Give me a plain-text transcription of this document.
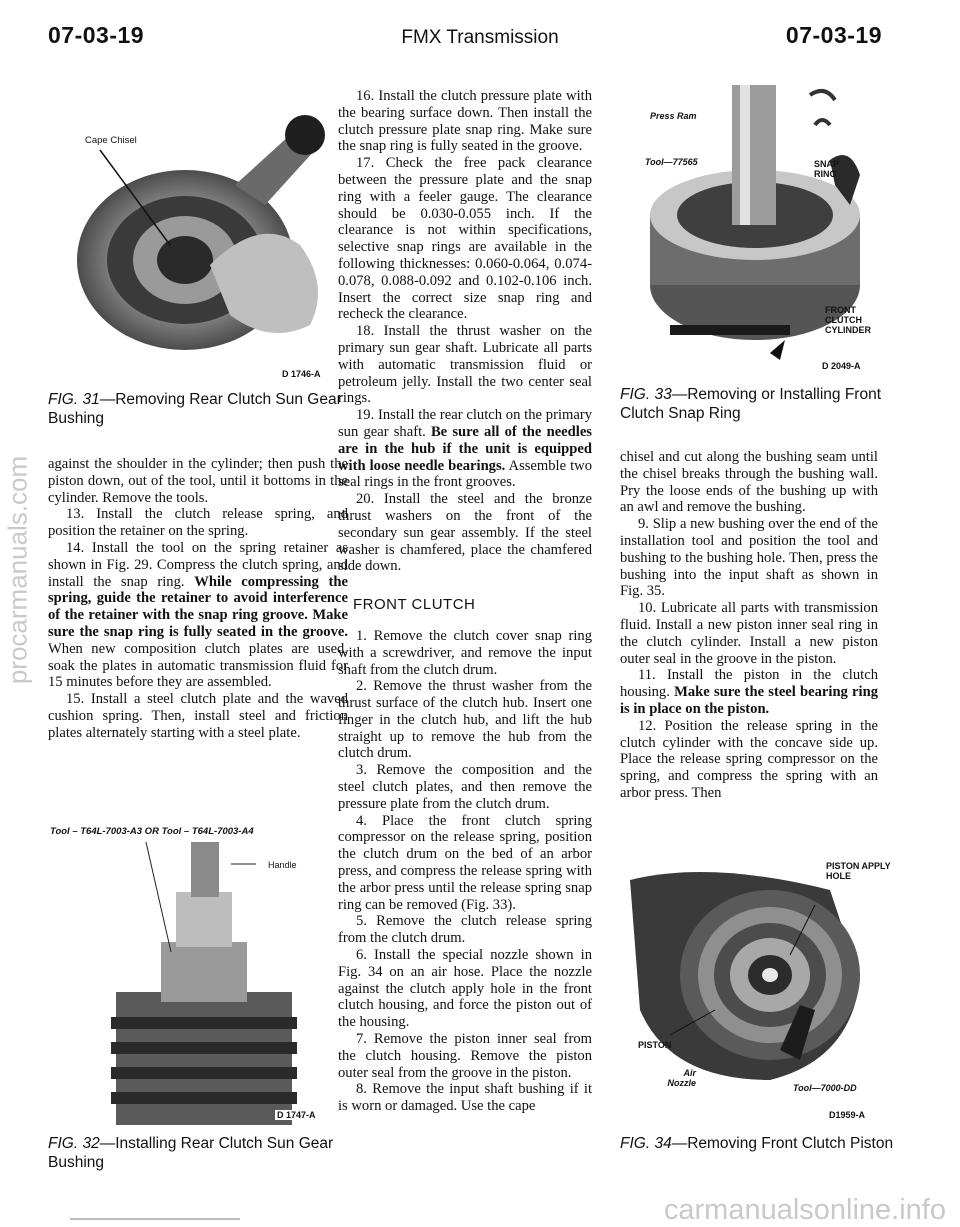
07-03-19	FMX Transmission	07-03-19
procarmanuals.com
Cape Chisel
D 1746-A
FIG. 31—Removing Rear Clutch Sun Gear Bushing

against the shoulder in the cylinder; then push the piston down, out of the tool, until it bottoms in the cylinder. Remove the tools.

13. Install the clutch release spring, and position the retainer on the spring.

14. Install the tool on the spring retainer as shown in Fig. 29. Compress the clutch spring, and install the snap ring. While compressing the spring, guide the retainer to avoid interference of the retainer with the snap ring groove. Make sure the snap ring is fully seated in the groove. When new composition clutch plates are used, soak the plates in automatic transmission fluid for 15 minutes before they are assembled.

15. Install a steel clutch plate and the waved cushion spring. Then, install steel and friction plates alternately starting with a steel plate.

Tool – T64L-7003-A3 OR Tool – T64L-7003-A4
Handle
D 1747-A
FIG. 32—Installing Rear Clutch Sun Gear Bushing

16. Install the clutch pressure plate with the bearing surface down. Then install the clutch pressure plate snap ring. Make sure the snap ring is fully seated in the groove.

17. Check the free pack clearance between the pressure plate and the snap ring with a feeler gauge. The clearance should be 0.030-0.055 inch. If the clearance is not within specifications, selective snap rings are available in the following thicknesses: 0.060-0.064, 0.074-0.078, 0.088-0.092 and 0.102-0.106 inch. Insert the correct size snap ring and recheck the clearance.

18. Install the thrust washer on the primary sun gear shaft. Lubricate all parts with automatic transmission fluid or petroleum jelly. Install the two center seal rings.

19. Install the rear clutch on the primary sun gear shaft. Be sure all of the needles are in the hub if the unit is equipped with loose needle bearings. Assemble two seal rings in the front grooves.

20. Install the steel and the bronze thrust washers on the front of the secondary sun gear assembly. If the steel washer is chamfered, place the chamfered side down.

FRONT CLUTCH

1. Remove the clutch cover snap ring with a screwdriver, and remove the input shaft from the clutch drum.

2. Remove the thrust washer from the thrust surface of the clutch hub. Insert one finger in the clutch hub, and lift the hub straight up to remove the hub from the clutch drum.

3. Remove the composition and the steel clutch plates, and then remove the pressure plate from the clutch drum.

4. Place the front clutch spring compressor on the release spring, position the clutch drum on the bed of an arbor press, and compress the release spring with the arbor press until the release spring snap ring can be removed (Fig. 33).

5. Remove the clutch release spring from the clutch drum.

6. Install the special nozzle shown in Fig. 34 on an air hose. Place the nozzle against the clutch apply hole in the front clutch housing, and force the piston out of the housing.

7. Remove the piston inner seal from the clutch housing. Remove the piston outer seal from the groove in the piston.

8. Remove the input shaft bushing if it is worn or damaged. Use the cape

Press Ram
Tool—77565	SNAP RING
FRONT CLUTCH CYLINDER
D 2049-A
FIG. 33—Removing or Installing Front Clutch Snap Ring

chisel and cut along the bushing seam until the chisel breaks through the bushing wall. Pry the loose ends of the bushing up with an awl and remove the bushing.

9. Slip a new bushing over the end of the installation tool and position the tool and bushing to the bushing hole. Then, press the bushing into the input shaft as shown in Fig. 35.

10. Lubricate all parts with transmission fluid. Install a new piston inner seal ring in the clutch cylinder. Install a new piston outer seal in the groove in the piston.

11. Install the piston in the clutch housing. Make sure the steel bearing ring is in place on the piston.

12. Position the release spring in the clutch cylinder with the concave side up. Place the release spring compressor on the spring, and compress the spring with an arbor press. Then

PISTON APPLY HOLE
PISTON
Air Nozzle	Tool—7000-DD
D1959-A
FIG. 34—Removing Front Clutch Piston
carmanualsonline.info
